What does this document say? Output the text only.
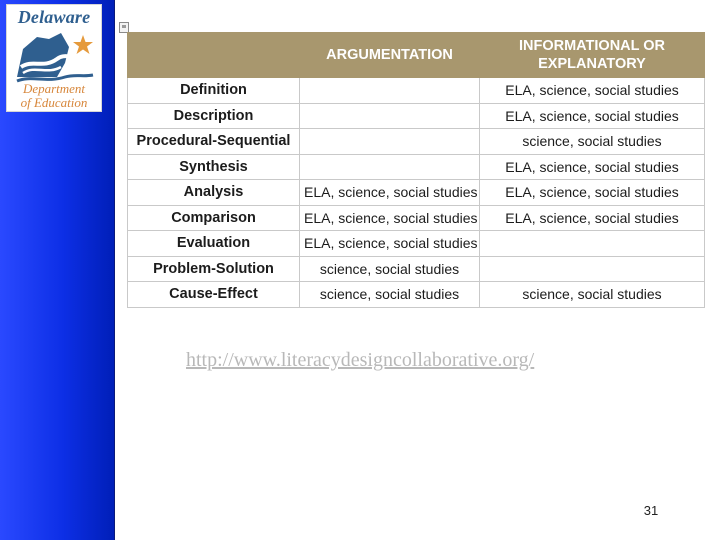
Delaware
Department
of Education
	ARGUMENTATION	INFORMATIONAL OR EXPLANATORY
Definition		ELA, science, social studies
Description		ELA, science, social studies
Procedural-Sequential		science, social studies
Synthesis		ELA, science, social studies
Analysis	ELA, science, social studies	ELA, science, social studies
Comparison	ELA, science, social studies	ELA, science, social studies
Evaluation	ELA, science, social studies	
Problem-Solution	science, social studies	
Cause-Effect	science, social studies	science, social studies
http://www.literacydesigncollaborative.org/
31
